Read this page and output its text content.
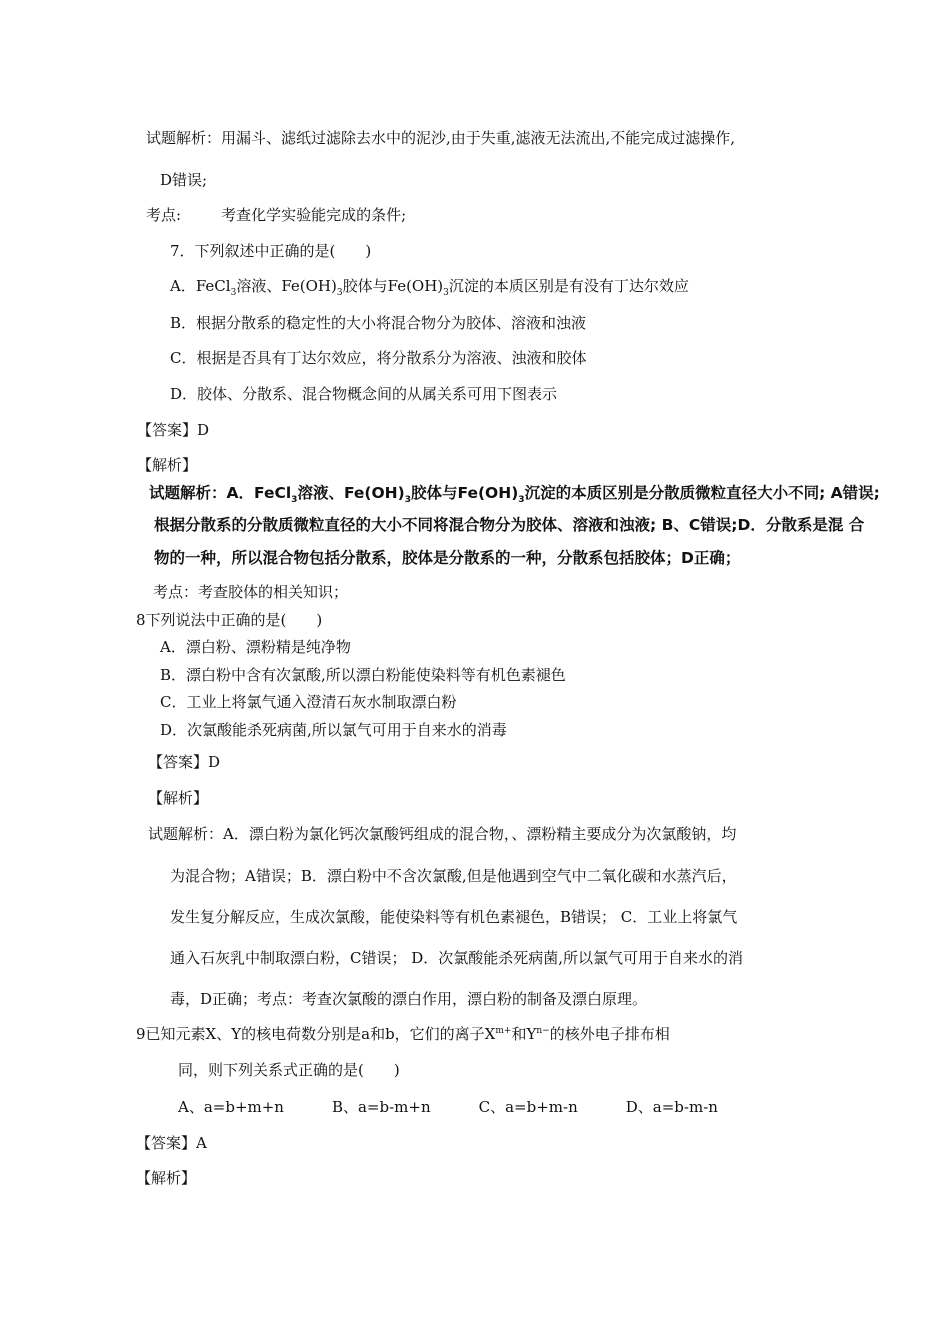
试题解析：用漏斗、滤纸过滤除去水中的泥沙,由于失重,滤液无法流出,不能完成过滤操作,
D错误;
考点:	考查化学实验能完成的条件;
7．下列叙述中正确的是(　　)
A．FeCl$_3$溶液、$Fe(OH)_3$胶体与$Fe(OH)_3$沉淀的本质区别是有没有丁达尔效应
B．根据分散系的稳定性的大小将混合物分为胶体、溶液和浊液
C．根据是否具有丁达尔效应，将分散系分为溶液、浊液和胶体
D．胶体、分散系、混合物概念间的从属关系可用下图表示
【答案】D
【解析】
试题解析：A．FeCl$_3$溶液、$Fe(OH)_3$胶体与$Fe(OH)_3$沉淀的本质区别是分散质微粒直径大小不同; A错误;
根据分散系的分散质微粒直径的大小不同将混合物分为胶体、溶液和浊液; B、C错误;D．分散系是混 合
物的一种，所以混合物包括分散系，胶体是分散系的一种，分散系包括胶体；D正确；
考点：考查胶体的相关知识；
8下列说法中正确的是(　　)
A．漂白粉、漂粉精是纯净物
B．漂白粉中含有次氯酸,所以漂白粉能使染料等有机色素褪色
C．工业上将氯气通入澄清石灰水制取漂白粉
D．次氯酸能杀死病菌,所以氯气可用于自来水的消毒
【答案】D
【解析】
试题解析：A．漂白粉为氯化钙次氯酸钙组成的混合物，、漂粉精主要成分为次氯酸钠，均
为混合物；A错误；B．漂白粉中不含次氯酸,但是他遇到空气中二氧化碳和水蒸汽后，
发生复分解反应，生成次氯酸，能使染料等有机色素褪色，B错误； C．工业上将氯气
通入石灰乳中制取漂白粉，C错误； D．次氯酸能杀死病菌,所以氯气可用于自来水的消
毒，D正确；考点：考查次氯酸的漂白作用，漂白粉的制备及漂白原理。
9已知元素X、Y的核电荷数分别是a和b，它们的离子$X^{m+}$和$Y^{n-}$的核外电子排布相
同，则下列关系式正确的是(　　)
A、a=b+m+n	B、a=b-m+n	C、a=b+m-n	D、a=b-m-n
【答案】A
【解析】
